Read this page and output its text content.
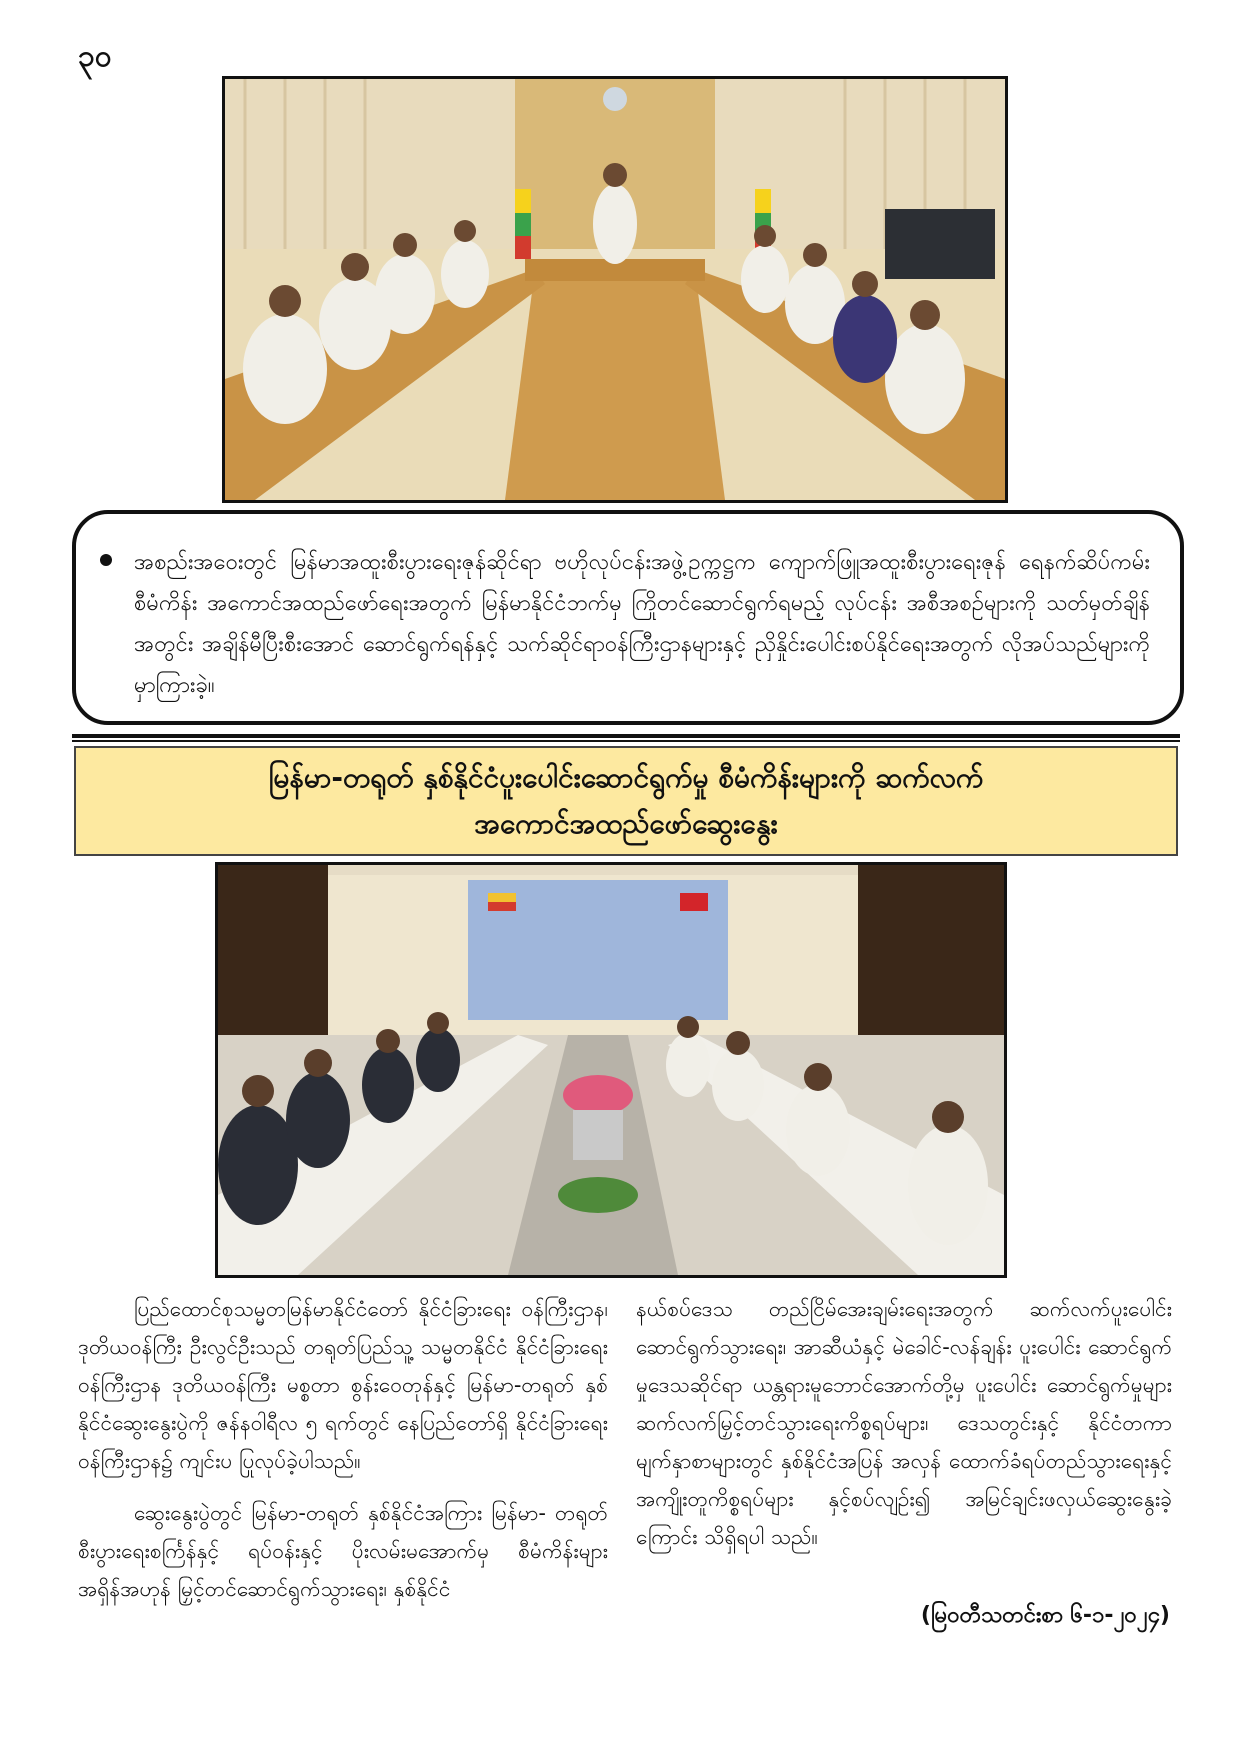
၃၀
အစည်းအဝေးတွင် မြန်မာအထူးစီးပွားရေးဇုန်ဆိုင်ရာ ဗဟိုလုပ်ငန်းအဖွဲ့ဥက္ကဋ္ဌက ကျောက်ဖြူအထူးစီးပွားရေးဇုန် ရေနက်ဆိပ်ကမ်းစီမံကိန်း အကောင်အထည်ဖော်ရေးအတွက် မြန်မာနိုင်ငံဘက်မှ ကြိုတင်ဆောင်ရွက်ရမည့် လုပ်ငန်း အစီအစဉ်များကို သတ်မှတ်ချိန်အတွင်း အချိန်မီပြီးစီးအောင် ဆောင်ရွက်ရန်နှင့် သက်ဆိုင်ရာဝန်ကြီးဌာနများနှင့် ညှိနှိုင်းပေါင်းစပ်နိုင်ရေးအတွက် လိုအပ်သည်များကို မှာကြားခဲ့။
မြန်မာ-တရုတ် နှစ်နိုင်ငံပူးပေါင်းဆောင်ရွက်မှု စီမံကိန်းများကို ဆက်လက်
အကောင်အထည်ဖော်ဆွေးနွေး

ပြည်ထောင်စုသမ္မတမြန်မာနိုင်ငံတော် နိုင်ငံခြားရေး ဝန်ကြီးဌာန၊ ဒုတိယဝန်ကြီး ဦးလွင်ဦးသည် တရုတ်ပြည်သူ့ သမ္မတနိုင်ငံ နိုင်ငံခြားရေးဝန်ကြီးဌာန ဒုတိယဝန်ကြီး မစ္စတာ စွန်းဝေတုန်နှင့် မြန်မာ-တရုတ် နှစ်နိုင်ငံဆွေးနွေးပွဲကို ဇန်နဝါရီလ ၅ ရက်တွင် နေပြည်တော်ရှိ နိုင်ငံခြားရေးဝန်ကြီးဌာန၌ ကျင်းပ ပြုလုပ်ခဲ့ပါသည်။

ဆွေးနွေးပွဲတွင် မြန်မာ-တရုတ် နှစ်နိုင်ငံအကြား မြန်မာ- တရုတ် စီးပွားရေးစင်္ကြန်နှင့် ရပ်ဝန်းနှင့် ပိုးလမ်းမအောက်မှ စီမံကိန်းများ အရှိန်အဟုန် မြှင့်တင်ဆောင်ရွက်သွားရေး၊ နှစ်နိုင်ငံ

နယ်စပ်ဒေသ တည်ငြိမ်အေးချမ်းရေးအတွက် ဆက်လက်ပူးပေါင်း ဆောင်ရွက်သွားရေး၊ အာဆီယံနှင့် မဲခေါင်-လန်ချန်း ပူးပေါင်း ဆောင်ရွက်မှုဒေသဆိုင်ရာ ယန္တရားမူဘောင်အောက်တို့မှ ပူးပေါင်း ဆောင်ရွက်မှုများ ဆက်လက်မြှင့်တင်သွားရေးကိစ္စရပ်များ၊ ဒေသတွင်းနှင့် နိုင်ငံတကာမျက်နှာစာများတွင် နှစ်နိုင်ငံအပြန် အလှန် ထောက်ခံရပ်တည်သွားရေးနှင့် အကျိုးတူကိစ္စရပ်များ နှင့်စပ်လျဉ်း၍ အမြင်ချင်းဖလှယ်ဆွေးနွေးခဲ့ကြောင်း သိရှိရပါ သည်။

(မြဝတီသတင်းစာ ၆-၁-၂၀၂၄)
